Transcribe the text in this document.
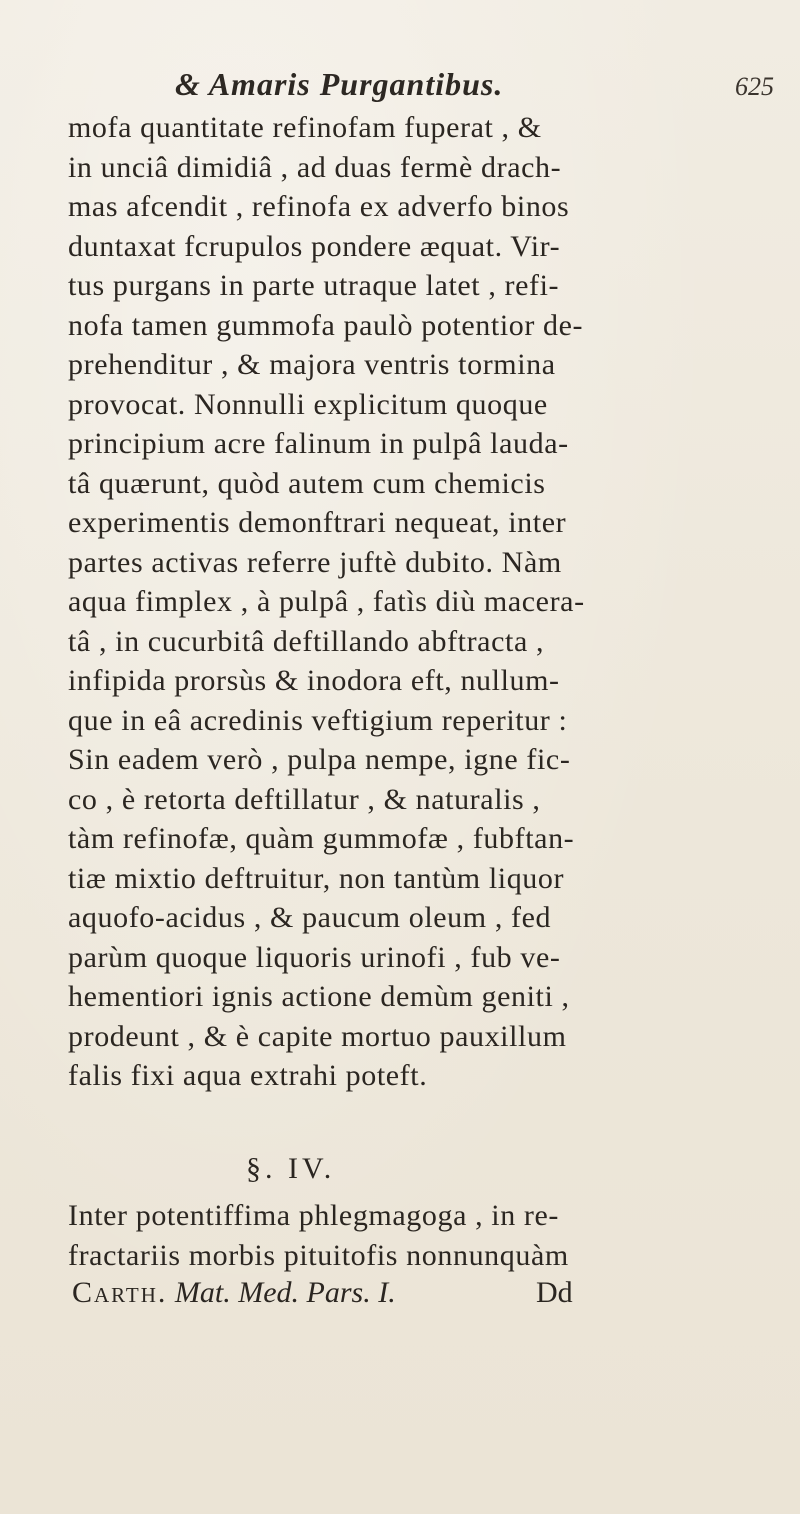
& Amaris Purgantibus.	625
mofa quantitate refinofam fuperat , &
in unciâ dimidiâ , ad duas fermè drach-
mas afcendit , refinofa ex adverfo binos
duntaxat fcrupulos pondere æquat. Vir-
tus purgans in parte utraque latet , refi-
nofa tamen gummofa paulò potentior de-
prehenditur , & majora ventris tormina
provocat. Nonnulli explicitum quoque
principium acre falinum in pulpâ lauda-
tâ quærunt, quòd autem cum chemicis
experimentis demonftrari nequeat, inter
partes activas referre juftè dubito. Nàm
aqua fimplex , à pulpâ , fatìs diù macera-
tâ , in cucurbitâ deftillando abftracta ,
infipida prorsùs & inodora eft, nullum-
que in eâ acredinis veftigium reperitur :
Sin eadem verò , pulpa nempe, igne fic-
co , è retorta deftillatur , & naturalis ,
tàm refinofæ, quàm gummofæ , fubftan-
tiæ mixtio deftruitur, non tantùm liquor
aquofo-acidus , & paucum oleum , fed
parùm quoque liquoris urinofi , fub ve-
hementiori ignis actione demùm geniti ,
prodeunt , & è capite mortuo pauxillum
falis fixi aqua extrahi poteft.
§. IV.
Inter potentiffima phlegmagoga , in re-
fractariis morbis pituitofis nonnunquàm
Carth. Mat. Med. Pars. I.	Dd
